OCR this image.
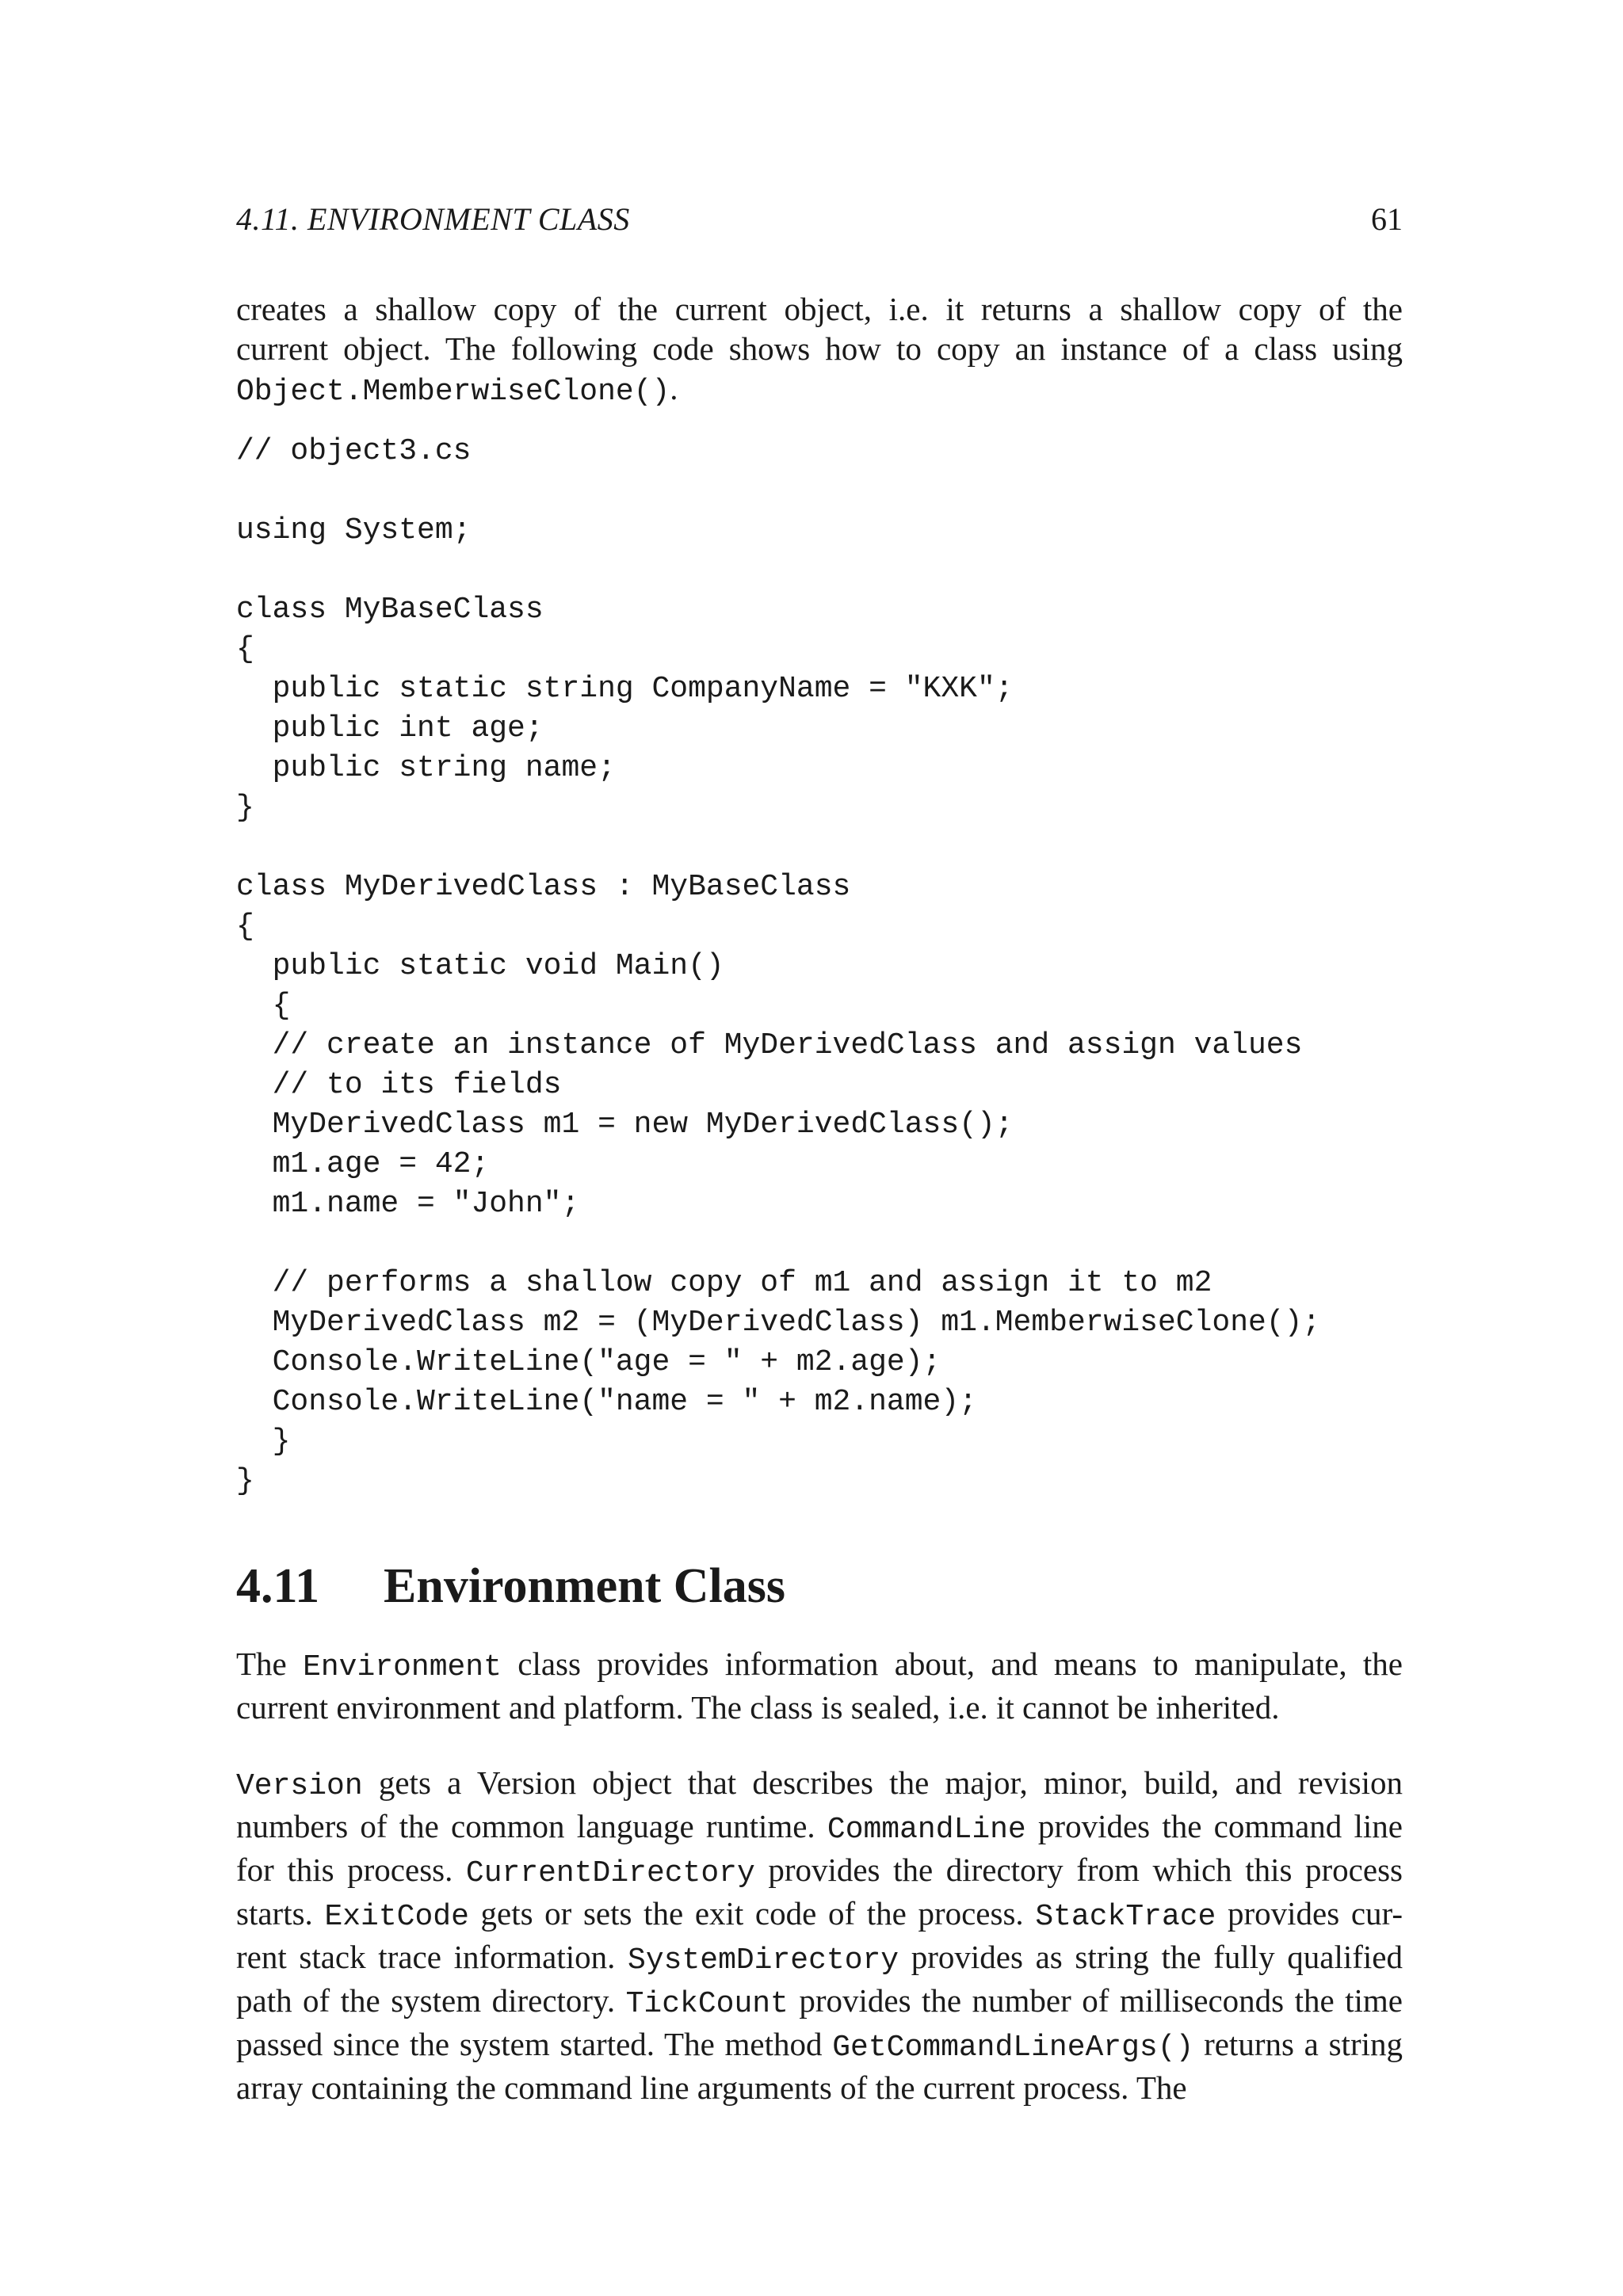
4.11. ENVIRONMENT CLASS	61
creates a shallow copy of the current object, i.e. it returns a shallow copy of the
current object. The following code shows how to copy an instance of a class using
Object.MemberwiseClone().
// object3.cs
using System;
class MyBaseClass
{
public static string CompanyName = "KXK";
public int age;
public string name;
}
class MyDerivedClass : MyBaseClass
{
public static void Main()
{
// create an instance of MyDerivedClass and assign values
// to its fields
MyDerivedClass m1 = new MyDerivedClass();
m1.age = 42;
m1.name = "John";
// performs a shallow copy of m1 and assign it to m2
MyDerivedClass m2 = (MyDerivedClass) m1.MemberwiseClone();
Console.WriteLine("age = " + m2.age);
Console.WriteLine("name = " + m2.name);
}
}
4.11 Environment Class

The Environment class provides information about, and means to manipulate, the current environment and platform. The class is sealed, i.e. it cannot be inherited.

Version gets a Version object that describes the major, minor, build, and revision numbers of the common language runtime. CommandLine provides the command line for this process. CurrentDirectory provides the directory from which this process starts. ExitCode gets or sets the exit code of the process. StackTrace provides cur-rent stack trace information. SystemDirectory provides as string the fully qualified path of the system directory. TickCount provides the number of milliseconds the time passed since the system started. The method GetCommandLineArgs() returns a string array containing the command line arguments of the current process. The
